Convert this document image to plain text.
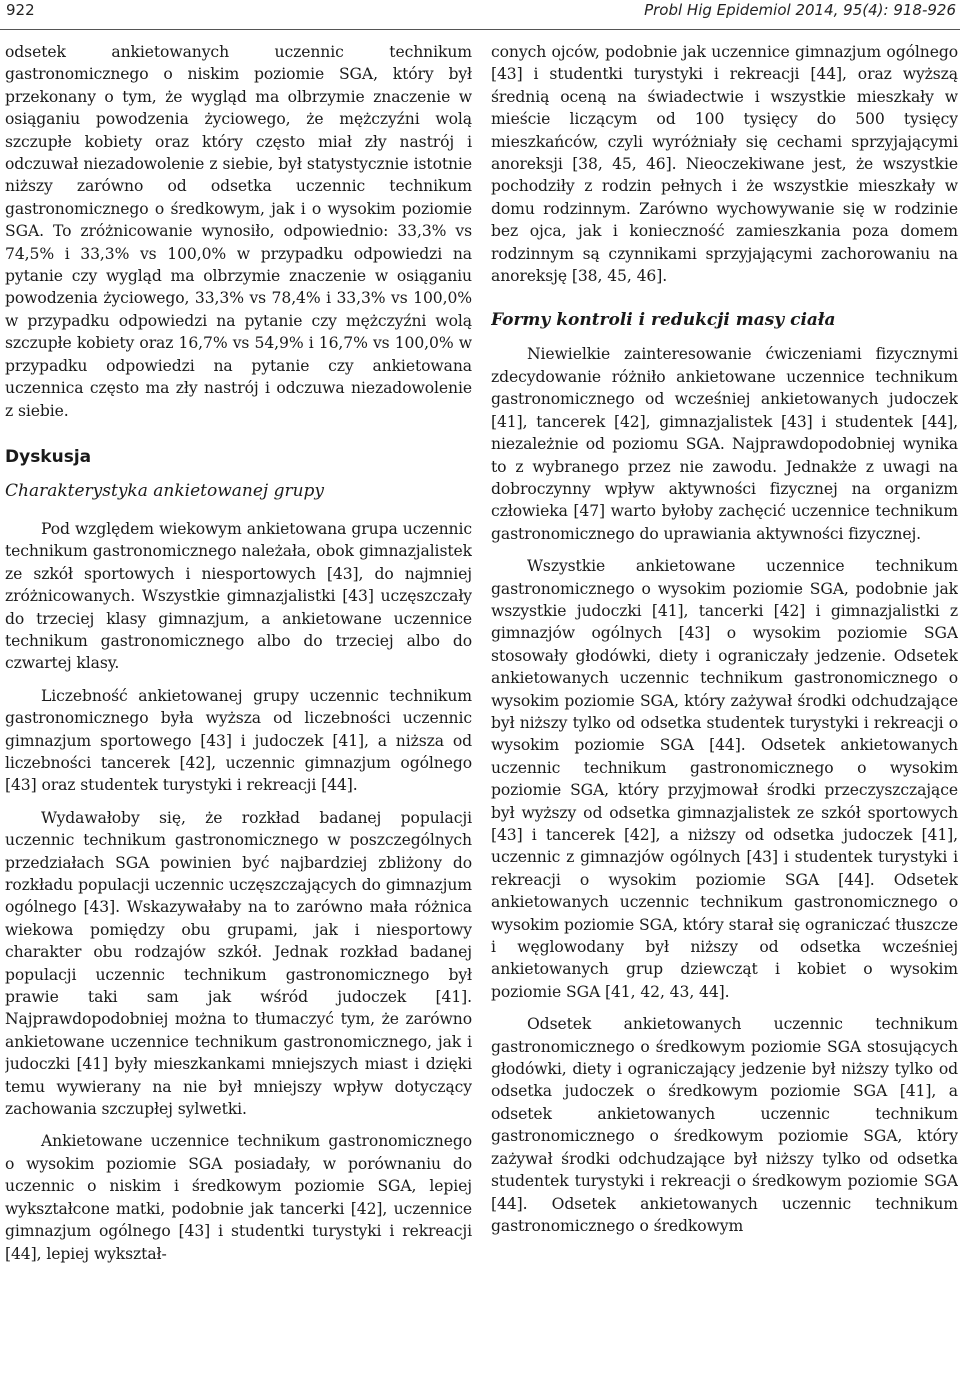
922	Probl Hig Epidemiol 2014, 95(4): 918-926

odsetek ankietowanych uczennic technikum gastronomicznego o niskim poziomie SGA, który był przekonany o tym, że wygląd ma olbrzymie znaczenie w osiąganiu powodzenia życiowego, że mężczyźni wolą szczupłe kobiety oraz który często miał zły nastrój i odczuwał niezadowolenie z siebie, był statystycznie istotnie niższy zarówno od odsetka uczennic technikum gastronomicznego o średkowym, jak i o wysokim poziomie SGA. To zróżnicowanie wynosiło, odpowiednio: 33,3% vs 74,5% i 33,3% vs 100,0% w przypadku odpowiedzi na pytanie czy wygląd ma olbrzymie znaczenie w osiąganiu powodzenia życiowego, 33,3% vs 78,4% i 33,3% vs 100,0% w przypadku odpowiedzi na pytanie czy mężczyźni wolą szczupłe kobiety oraz 16,7% vs 54,9% i 16,7% vs 100,0% w przypadku odpowiedzi na pytanie czy ankietowana uczennica często ma zły nastrój i odczuwa niezadowolenie z siebie.

Dyskusja
Charakterystyka ankietowanej grupy

Pod względem wiekowym ankietowana grupa uczennic technikum gastronomicznego należała, obok gimnazjalistek ze szkół sportowych i niesportowych [43], do najmniej zróżnicowanych. Wszystkie gimnazjalistki [43] uczęszczały do trzeciej klasy gimnazjum, a ankietowane uczennice technikum gastronomicznego albo do trzeciej albo do czwartej klasy.

Liczebność ankietowanej grupy uczennic technikum gastronomicznego była wyższa od liczebności uczennic gimnazjum sportowego [43] i judoczek [41], a niższa od liczebności tancerek [42], uczennic gimnazjum ogólnego [43] oraz studentek turystyki i rekreacji [44].

Wydawałoby się, że rozkład badanej populacji uczennic technikum gastronomicznego w poszczególnych przedziałach SGA powinien być najbardziej zbliżony do rozkładu populacji uczennic uczęszczających do gimnazjum ogólnego [43]. Wskazywałaby na to zarówno mała różnica wiekowa pomiędzy obu grupami, jak i niesportowy charakter obu rodzajów szkół. Jednak rozkład badanej populacji uczennic technikum gastronomicznego był prawie taki sam jak wśród judoczek [41]. Najprawdopodobniej można to tłumaczyć tym, że zarówno ankietowane uczennice technikum gastronomicznego, jak i judoczki [41] były mieszkankami mniejszych miast i dzięki temu wywierany na nie był mniejszy wpływ dotyczący zachowania szczupłej sylwetki.

Ankietowane uczennice technikum gastronomicznego o wysokim poziomie SGA posiadały, w porównaniu do uczennic o niskim i średkowym poziomie SGA, lepiej wykształcone matki, podobnie jak tancerki [42], uczennice gimnazjum ogólnego [43] i studentki turystyki i rekreacji [44], lepiej wykształ-

conych ojców, podobnie jak uczennice gimnazjum ogólnego [43] i studentki turystyki i rekreacji [44], oraz wyższą średnią oceną na świadectwie i wszystkie mieszkały w mieście liczącym od 100 tysięcy do 500 tysięcy mieszkańców, czyli wyróżniały się cechami sprzyjającymi anoreksji [38, 45, 46]. Nieoczekiwane jest, że wszystkie pochodziły z rodzin pełnych i że wszystkie mieszkały w domu rodzinnym. Zarówno wychowywanie się w rodzinie bez ojca, jak i konieczność zamieszkania poza domem rodzinnym są czynnikami sprzyjającymi zachorowaniu na anoreksję [38, 45, 46].

Formy kontroli i redukcji masy ciała

Niewielkie zainteresowanie ćwiczeniami fizycznymi zdecydowanie różniło ankietowane uczennice technikum gastronomicznego od wcześniej ankietowanych judoczek [41], tancerek [42], gimnazjalistek [43] i studentek [44], niezależnie od poziomu SGA. Najprawdopodobniej wynika to z wybranego przez nie zawodu. Jednakże z uwagi na dobroczynny wpływ aktywności fizycznej na organizm człowieka [47] warto byłoby zachęcić uczennice technikum gastronomicznego do uprawiania aktywności fizycznej.

Wszystkie ankietowane uczennice technikum gastronomicznego o wysokim poziomie SGA, podobnie jak wszystkie judoczki [41], tancerki [42] i gimnazjalistki z gimnazjów ogólnych [43] o wysokim poziomie SGA stosowały głodówki, diety i ograniczały jedzenie. Odsetek ankietowanych uczennic technikum gastronomicznego o wysokim poziomie SGA, który zażywał środki odchudzające był niższy tylko od odsetka studentek turystyki i rekreacji o wysokim poziomie SGA [44]. Odsetek ankietowanych uczennic technikum gastronomicznego o wysokim poziomie SGA, który przyjmował środki przeczyszczające był wyższy od odsetka gimnazjalistek ze szkół sportowych [43] i tancerek [42], a niższy od odsetka judoczek [41], uczennic z gimnazjów ogólnych [43] i studentek turystyki i rekreacji o wysokim poziomie SGA [44]. Odsetek ankietowanych uczennic technikum gastronomicznego o wysokim poziomie SGA, który starał się ograniczać tłuszcze i węglowodany był niższy od odsetka wcześniej ankietowanych grup dziewcząt i kobiet o wysokim poziomie SGA [41, 42, 43, 44].

Odsetek ankietowanych uczennic technikum gastronomicznego o średkowym poziomie SGA stosujących głodówki, diety i ograniczający jedzenie był niższy tylko od odsetka judoczek o średkowym poziomie SGA [41], a odsetek ankietowanych uczennic technikum gastronomicznego o średkowym poziomie SGA, który zażywał środki odchudzające był niższy tylko od odsetka studentek turystyki i rekreacji o średkowym poziomie SGA [44]. Odsetek ankietowanych uczennic technikum gastronomicznego o średkowym
